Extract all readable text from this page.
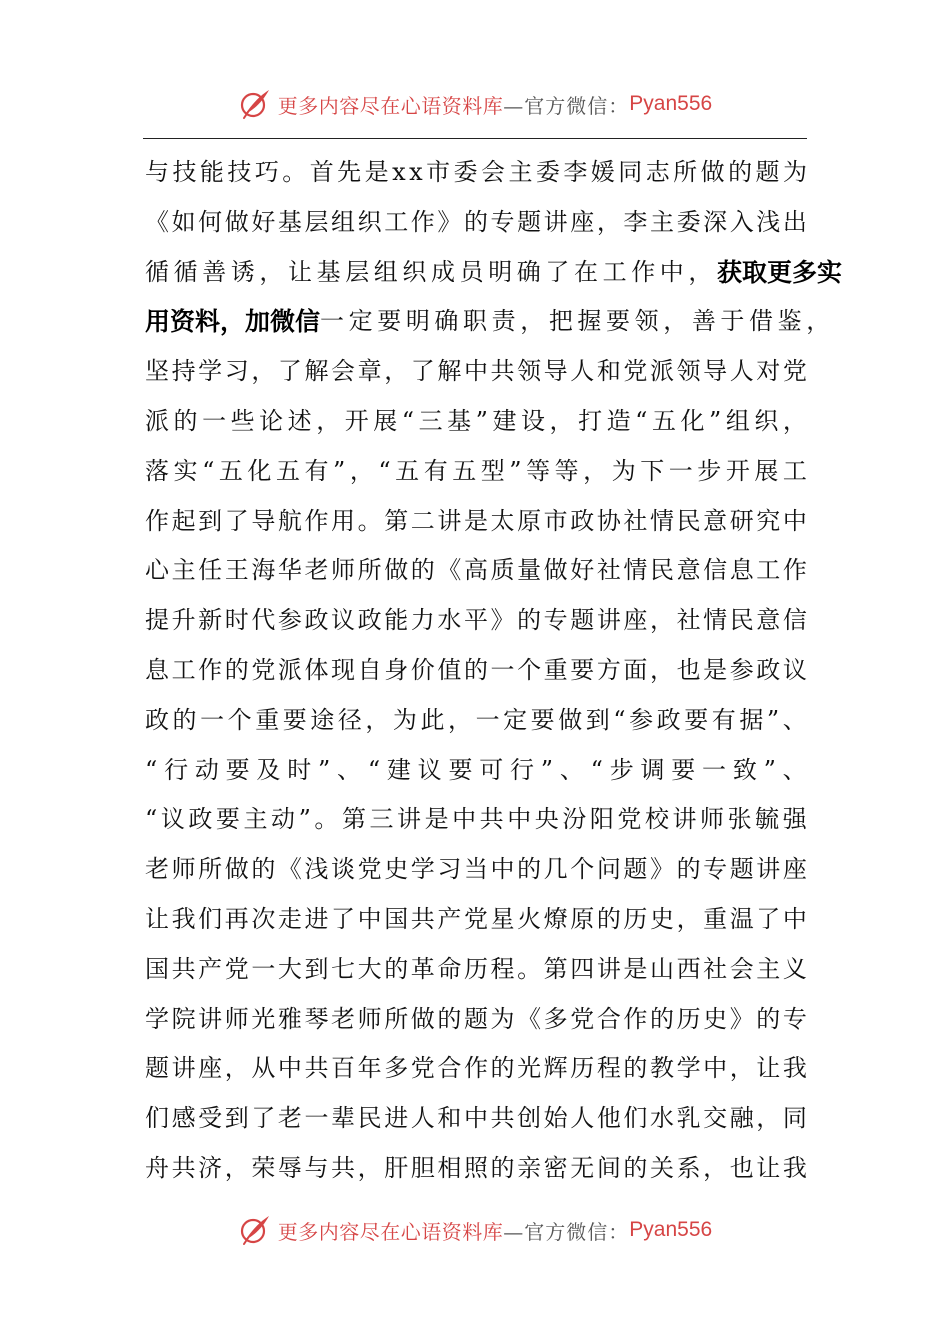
更多内容尽在心语资料库 —官方微信： Pyan556
与 技 能 技 巧 。 首 先 是 x x 市 委 会 主 委 李 媛 同 志 所 做 的 题 为
《 如 何 做 好 基 层 组 织 工 作 》 的 专 题 讲 座 ， 李 主 委 深 入 浅 出
循循善诱，让基层组织成员明确了在工作中， 获取更多实
用资料，加微信 一定要明确职责，把握要领，善于借鉴，
坚 持 学 习 ， 了 解 会 章 ， 了 解 中 共 领 导 人 和 党 派 领 导 人 对 党
派 的 一 些 论 述 ， 开 展 “ 三 基 ” 建 设 ， 打 造 “ 五 化 ” 组 织 ，
落 实 “ 五 化 五 有 ” ， “ 五 有 五 型 ” 等 等 ， 为 下 一 步 开 展 工
作 起 到 了 导 航 作 用 。 第 二 讲 是 太 原 市 政 协 社 情 民 意 研 究 中
心 主 任 王 海 华 老 师 所 做 的 《 高 质 量 做 好 社 情 民 意 信 息 工 作
提 升 新 时 代 参 政 议 政 能 力 水 平 》 的 专 题 讲 座 ， 社 情 民 意 信
息 工 作 的 党 派 体 现 自 身 价 值 的 一 个 重 要 方 面 ， 也 是 参 政 议
政 的 一 个 重 要 途 径 ， 为 此 ， 一 定 要 做 到 “ 参 政 要 有 据 ” 、
“ 行 动 要 及 时 ” 、 “ 建 议 要 可 行 ” 、 “ 步 调 要 一 致 ” 、
“ 议 政 要 主 动 ” 。 第 三 讲 是 中 共 中 央 汾 阳 党 校 讲 师 张 毓 强
老 师 所 做 的 《 浅 谈 党 史 学 习 当 中 的 几 个 问 题 》 的 专 题 讲 座
让 我 们 再 次 走 进 了 中 国 共 产 党 星 火 燎 原 的 历 史 ， 重 温 了 中
国 共 产 党 一 大 到 七 大 的 革 命 历 程 。 第 四 讲 是 山 西 社 会 主 义
学 院 讲 师 光 雅 琴 老 师 所 做 的 题 为 《 多 党 合 作 的 历 史 》 的 专
题 讲 座 ， 从 中 共 百 年 多 党 合 作 的 光 辉 历 程 的 教 学 中 ， 让 我
们 感 受 到 了 老 一 辈 民 进 人 和 中 共 创 始 人 他 们 水 乳 交 融 ， 同
舟 共 济 ， 荣 辱 与 共 ， 肝 胆 相 照 的 亲 密 无 间 的 关 系 ， 也 让 我
更多内容尽在心语资料库 —官方微信： Pyan556
